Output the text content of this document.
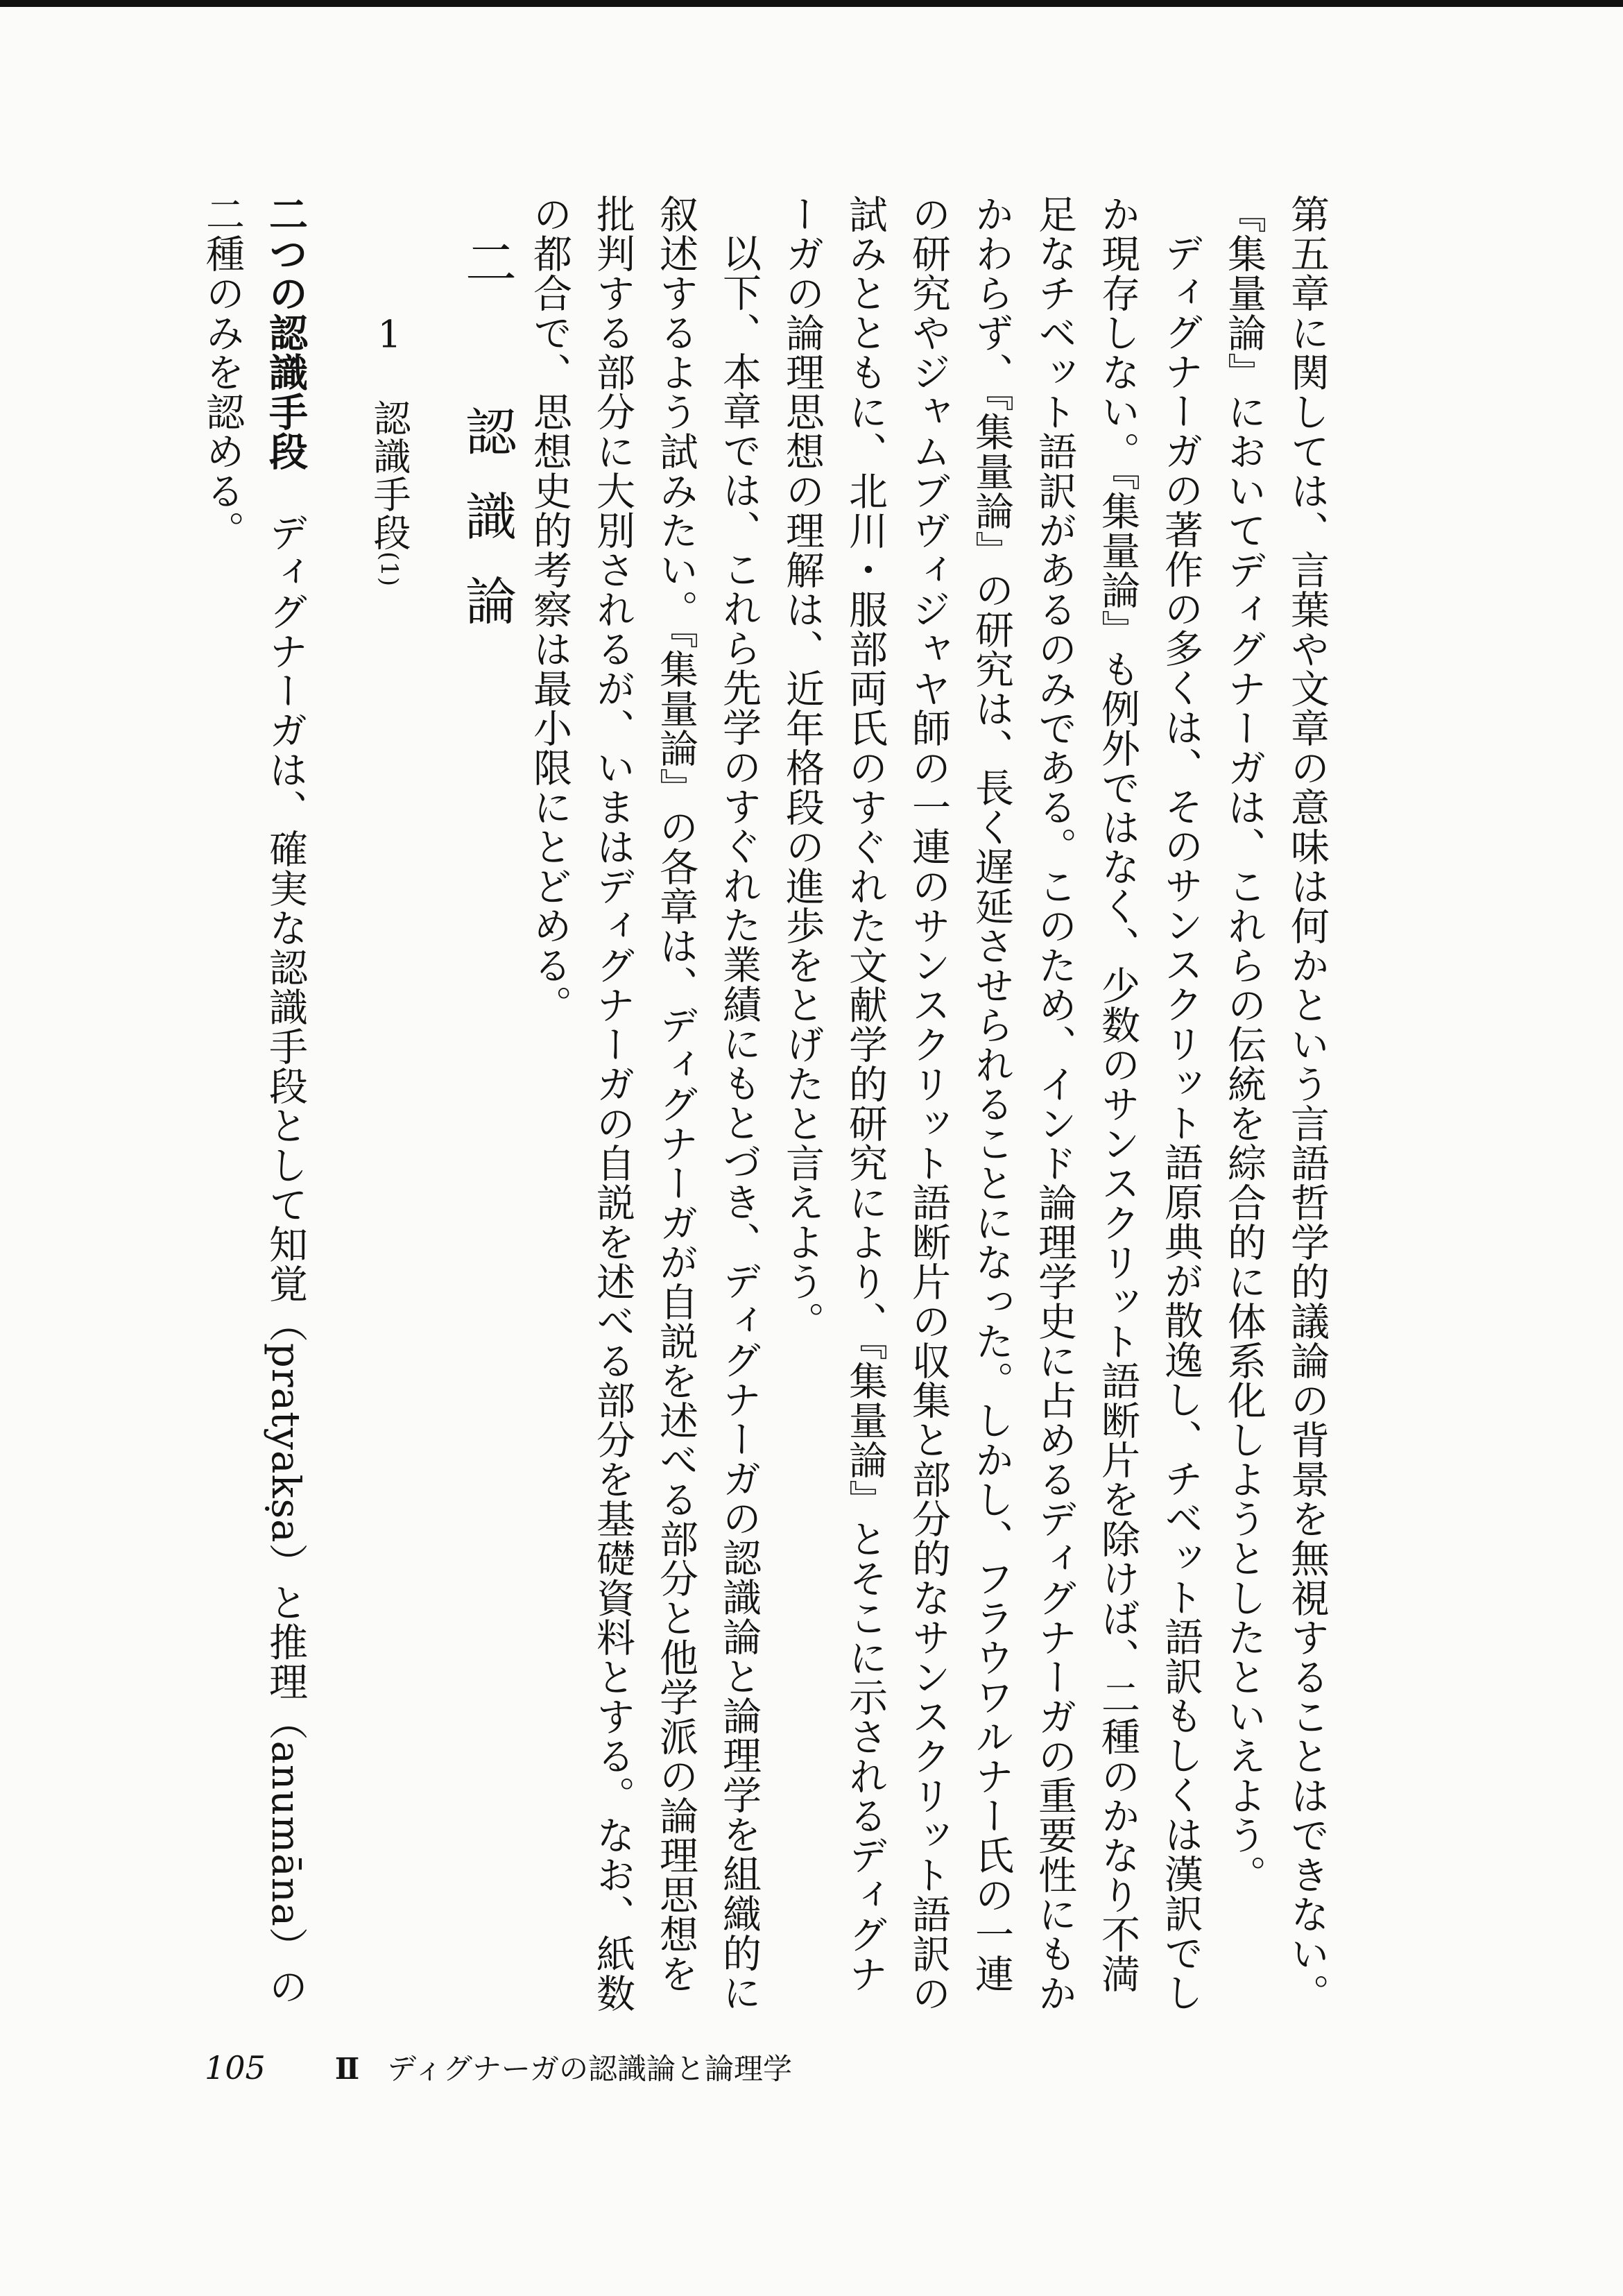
第五章に関しては、言葉や文章の意味は何かという言語哲学的議論の背景を無視することはできない。『集量論』においてディグナーガは、これらの伝統を綜合的に体系化しようとしたといえよう。

ディグナーガの著作の多くは、そのサンスクリット語原典が散逸し、チベット語訳もしくは漢訳でしか現存しない。『集量論』も例外ではなく、少数のサンスクリット語断片を除けば、二種のかなり不満足なチベット語訳があるのみである。このため、インド論理学史に占めるディグナーガの重要性にもかかわらず、『集量論』の研究は、長く遅延させられることになった。しかし、フラウワルナー氏の一連の研究やジャムブヴィジャヤ師の一連のサンスクリット語断片の収集と部分的なサンスクリット語訳の試みとともに、北川・服部両氏のすぐれた文献学的研究により、『集量論』とそこに示されるディグナーガの論理思想の理解は、近年格段の進歩をとげたと言えよう。

以下、本章では、これら先学のすぐれた業績にもとづき、ディグナーガの認識論と論理学を組織的に叙述するよう試みたい。『集量論』の各章は、ディグナーガが自説を述べる部分と他学派の論理思想を批判する部分に大別されるが、いまはディグナーガの自説を述べる部分を基礎資料とする。なお、紙数の都合で、思想史的考察は最小限にとどめる。

二　認識論
1認識手段(1)

二つの認識手段ディグナーガは、確実な認識手段として知覚（pratyakṣa）と推理（anumāna）の二種のみを認める。

105 Ⅱ ディグナーガの認識論と論理学
